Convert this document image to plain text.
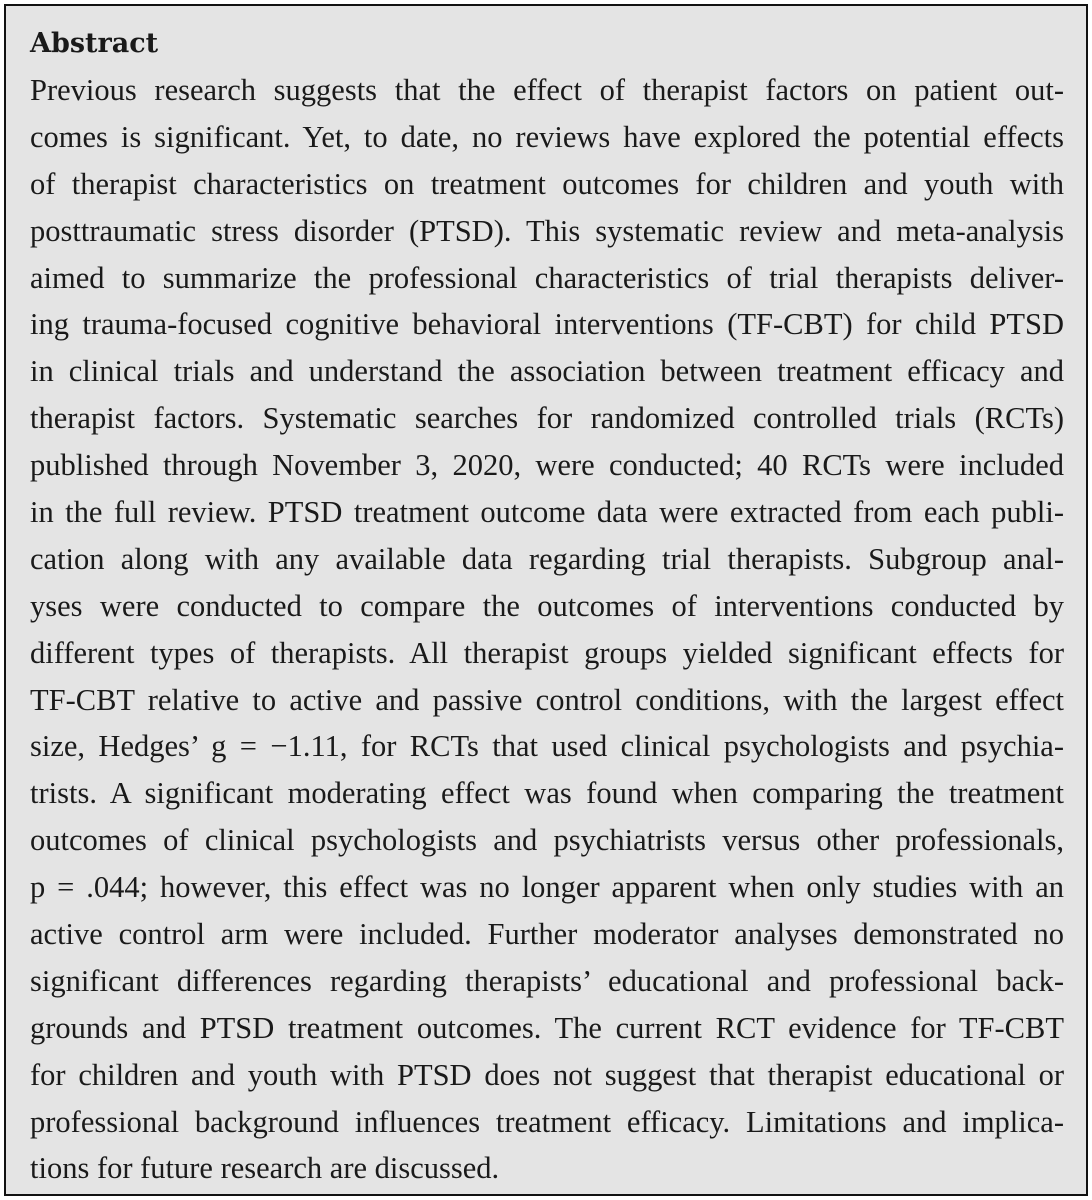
Abstract
Previous research suggests that the effect of therapist factors on patient out-
comes is significant. Yet, to date, no reviews have explored the potential effects
of therapist characteristics on treatment outcomes for children and youth with
posttraumatic stress disorder (PTSD). This systematic review and meta-analysis
aimed to summarize the professional characteristics of trial therapists deliver-
ing trauma-focused cognitive behavioral interventions (TF-CBT) for child PTSD
in clinical trials and understand the association between treatment efficacy and
therapist factors. Systematic searches for randomized controlled trials (RCTs)
published through November 3, 2020, were conducted; 40 RCTs were included
in the full review. PTSD treatment outcome data were extracted from each publi-
cation along with any available data regarding trial therapists. Subgroup anal-
yses were conducted to compare the outcomes of interventions conducted by
different types of therapists. All therapist groups yielded significant effects for
TF-CBT relative to active and passive control conditions, with the largest effect
size, Hedges’ g = −1.11, for RCTs that used clinical psychologists and psychia-
trists. A significant moderating effect was found when comparing the treatment
outcomes of clinical psychologists and psychiatrists versus other professionals,
p = .044; however, this effect was no longer apparent when only studies with an
active control arm were included. Further moderator analyses demonstrated no
significant differences regarding therapists’ educational and professional back-
grounds and PTSD treatment outcomes. The current RCT evidence for TF-CBT
for children and youth with PTSD does not suggest that therapist educational or
professional background influences treatment efficacy. Limitations and implica-
tions for future research are discussed.
